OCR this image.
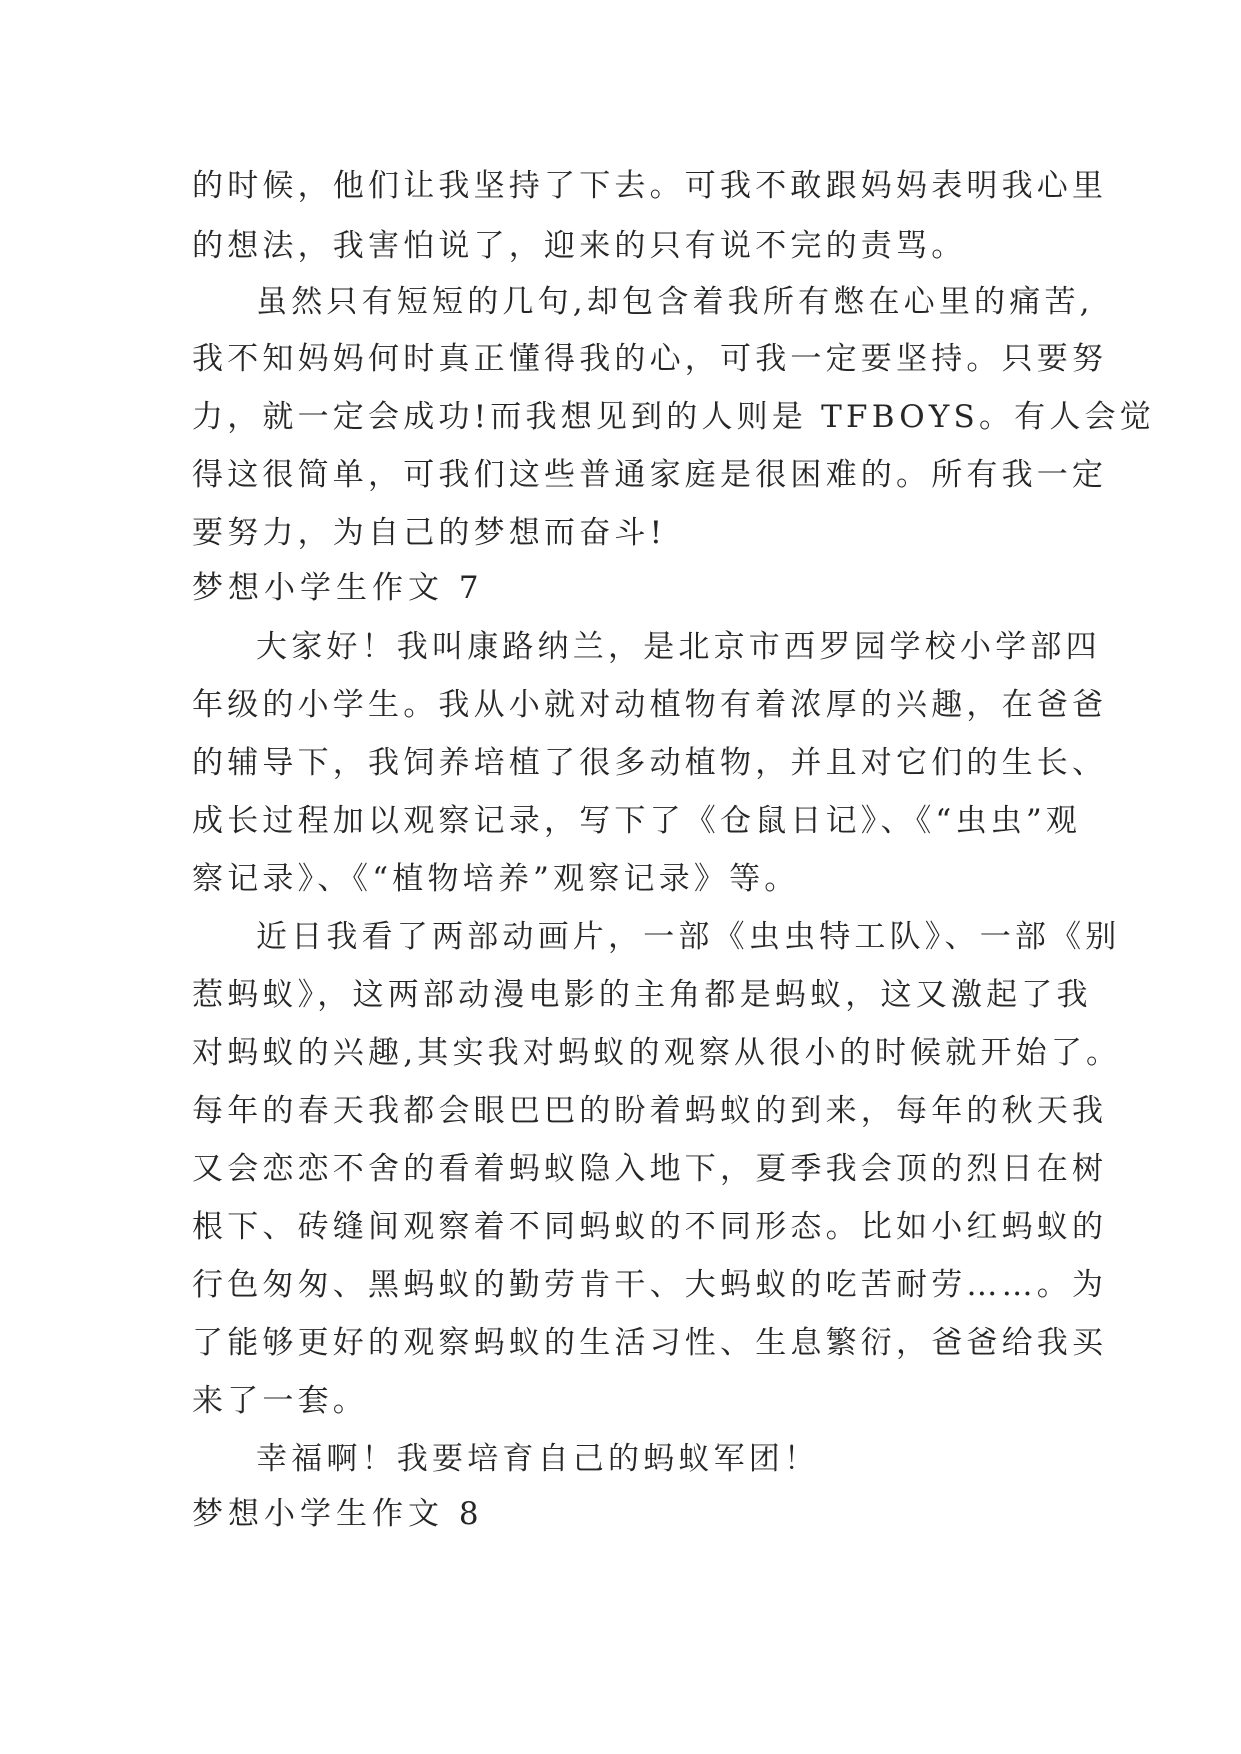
的时候，他们让我坚持了下去。可我不敢跟妈妈表明我心里
的想法，我害怕说了，迎来的只有说不完的责骂。
虽然只有短短的几句,却包含着我所有憋在心里的痛苦,
我不知妈妈何时真正懂得我的心，可我一定要坚持。只要努
力，就一定会成功!而我想见到的人则是 TFBOYS。有人会觉
得这很简单，可我们这些普通家庭是很困难的。所有我一定
要努力，为自己的梦想而奋斗!
梦想小学生作文 7
大家好！我叫康路纳兰，是北京市西罗园学校小学部四
年级的小学生。我从小就对动植物有着浓厚的兴趣，在爸爸
的辅导下，我饲养培植了很多动植物，并且对它们的生长、
成长过程加以观察记录，写下了《仓鼠日记》、《“虫虫”观
察记录》、《“植物培养”观察记录》等。
近日我看了两部动画片，一部《虫虫特工队》、一部《别
惹蚂蚁》，这两部动漫电影的主角都是蚂蚁，这又激起了我
对蚂蚁的兴趣,其实我对蚂蚁的观察从很小的时候就开始了。
每年的春天我都会眼巴巴的盼着蚂蚁的到来，每年的秋天我
又会恋恋不舍的看着蚂蚁隐入地下，夏季我会顶的烈日在树
根下、砖缝间观察着不同蚂蚁的不同形态。比如小红蚂蚁的
行色匆匆、黑蚂蚁的勤劳肯干、大蚂蚁的吃苦耐劳……。为
了能够更好的观察蚂蚁的生活习性、生息繁衍，爸爸给我买
来了一套。
幸福啊！我要培育自己的蚂蚁军团！
梦想小学生作文 8
